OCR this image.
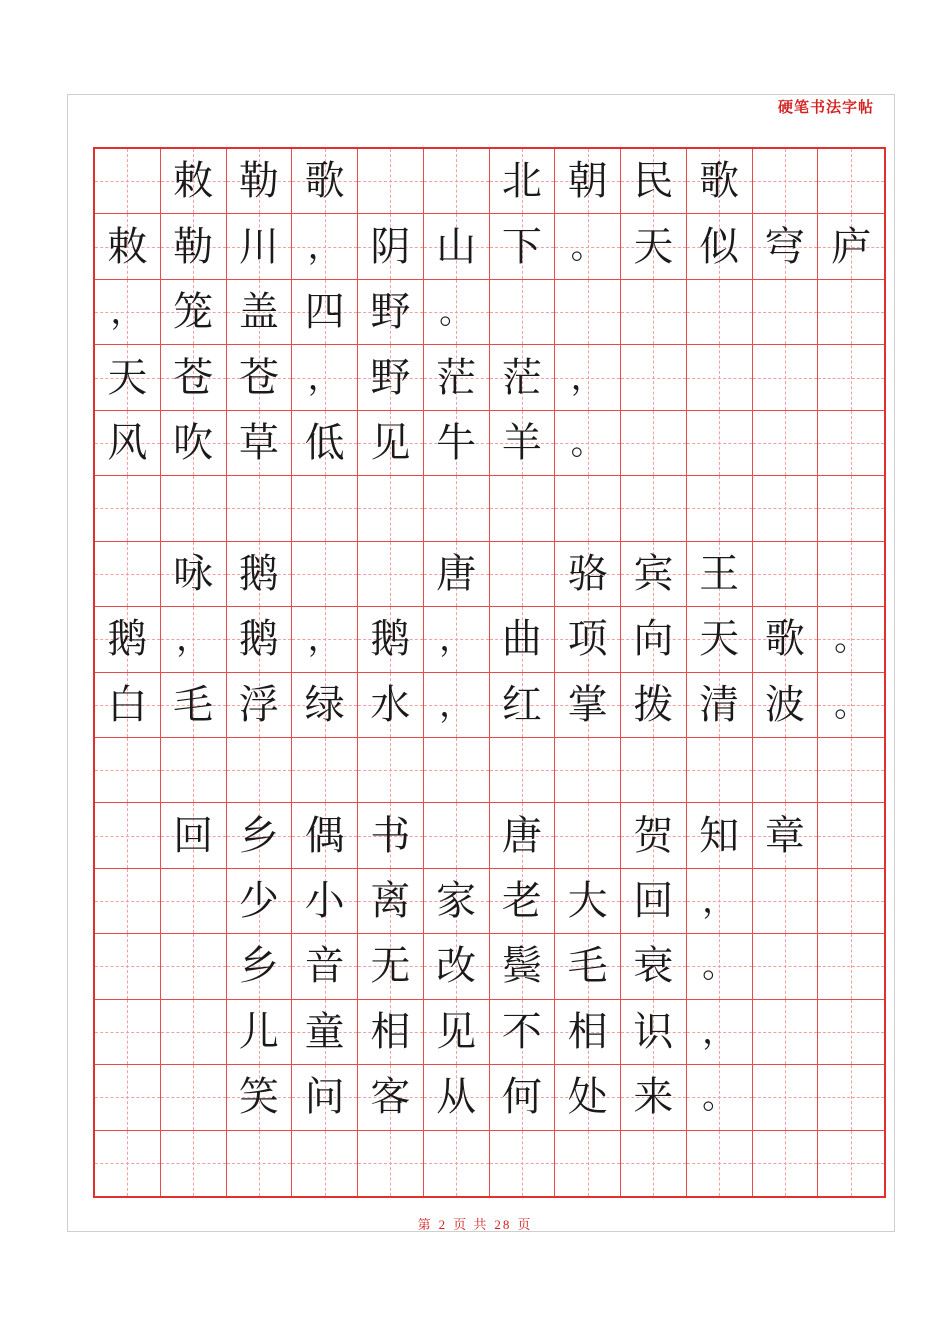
硬笔书法字帖
敕 勒 歌	北 朝 民 歌
敕 勒 川 ， 阴 山 下 。 天 似 穹 庐
， 笼 盖 四 野 。
天 苍 苍 ， 野 茫 茫 ，
风 吹 草 低 见 牛 羊 。
咏 鹅	唐 骆 宾 王
鹅 ， 鹅 ， 鹅 ， 曲 项 向 天 歌 。
白 毛 浮 绿 水 ， 红 掌 拨 清 波 。
回 乡 偶 书 唐 贺 知 章
少 小 离 家 老 大 回 ，
乡 音 无 改 鬓 毛 衰 。
儿 童 相 见 不 相 识 ，
笑 问 客 从 何 处 来 。
第 2 页 共 28 页
